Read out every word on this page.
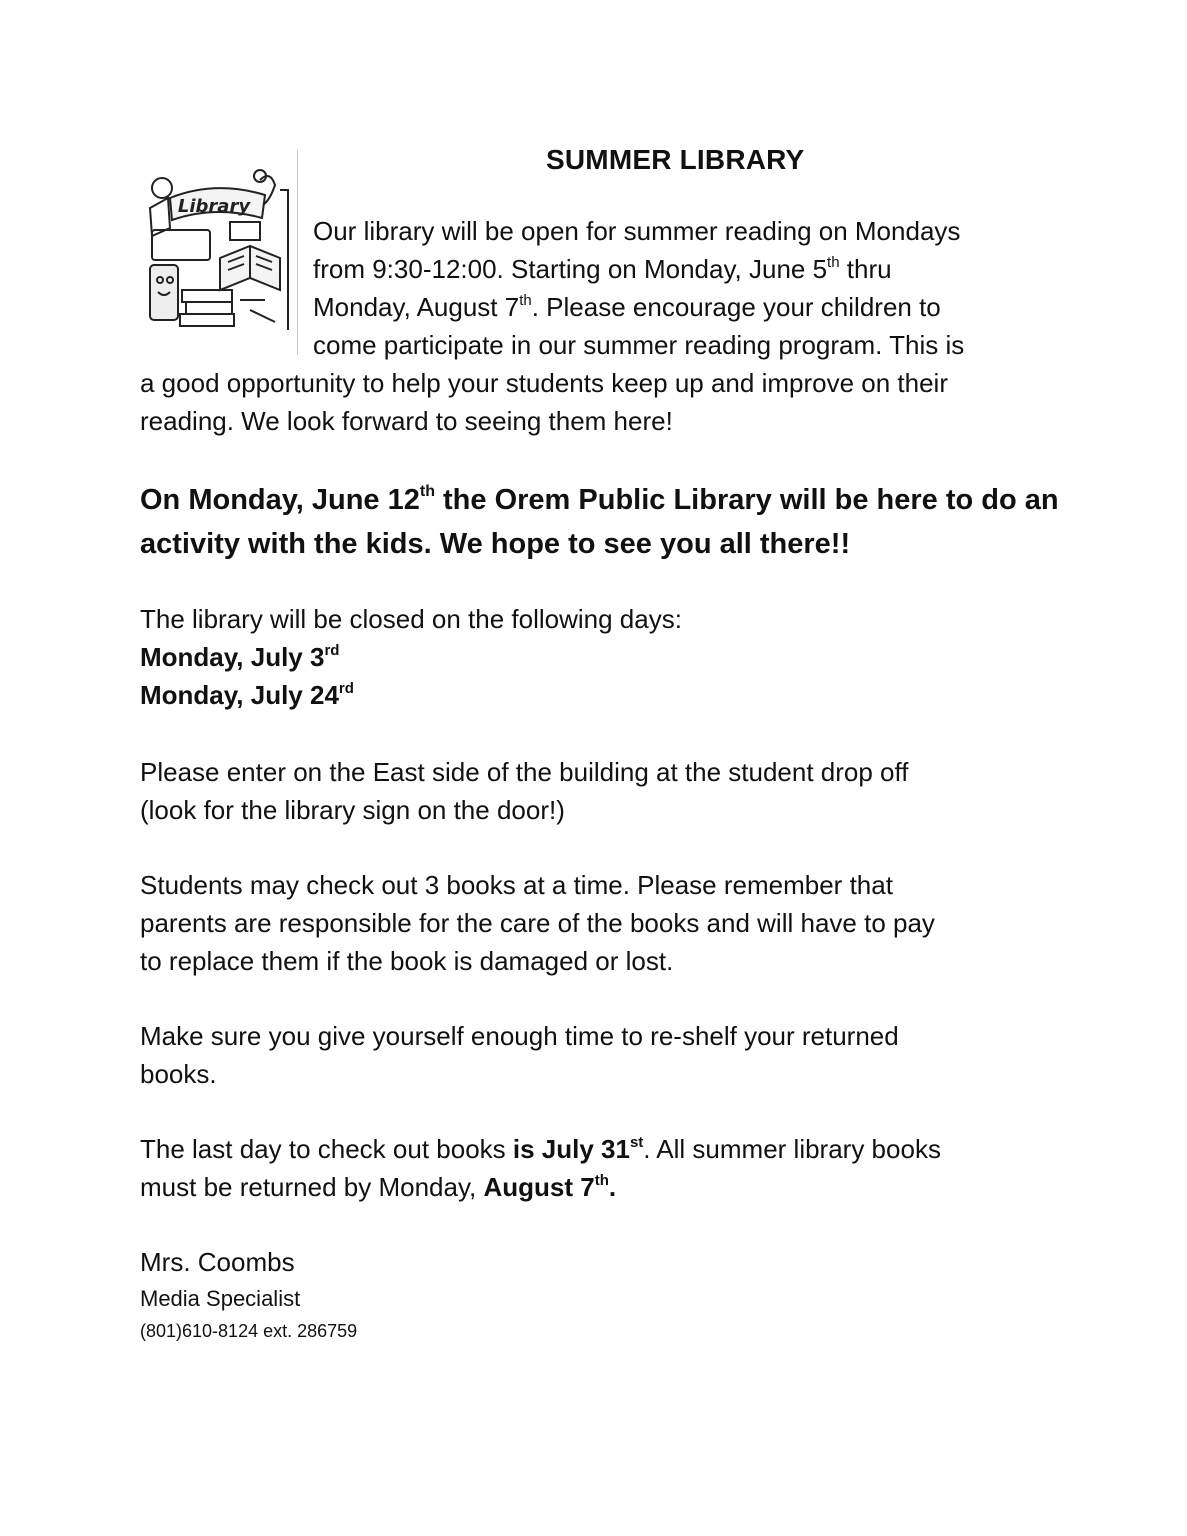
Library
SUMMER LIBRARY
Our library will be open for summer reading on Mondays
from 9:30-12:00. Starting on Monday, June 5th thru
Monday, August 7th. Please encourage your children to
come participate in our summer reading program. This is
a good opportunity to help your students keep up and improve on their
reading. We look forward to seeing them here!
On Monday, June 12th the Orem Public Library will be here to do an activity with the kids. We hope to see you all there!!
The library will be closed on the following days:
Monday, July 3rd
Monday, July 24rd
Please enter on the East side of the building at the student drop off
(look for the library sign on the door!)
Students may check out 3 books at a time. Please remember that
parents are responsible for the care of the books and will have to pay
to replace them if the book is damaged or lost.
Make sure you give yourself enough time to re-shelf your returned
books.
The last day to check out books is July 31st. All summer library books
must be returned by Monday, August 7th.
Mrs. Coombs
Media Specialist
(801)610-8124 ext. 286759
